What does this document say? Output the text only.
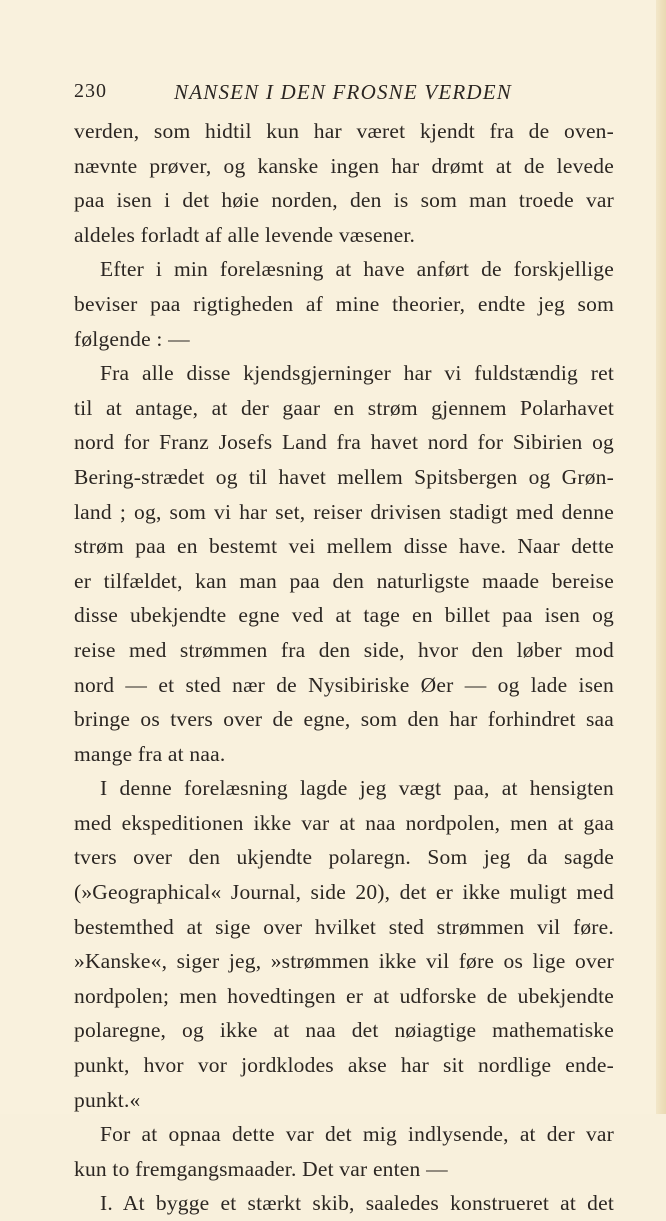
230	NANSEN I DEN FROSNE VERDEN
verden, som hidtil kun har været kjendt fra de oven-
nævnte prøver, og kanske ingen har drømt at de levede
paa isen i det høie norden, den is som man troede var
aldeles forladt af alle levende væsener.
Efter i min forelæsning at have anført de forskjellige
beviser paa rigtigheden af mine theorier, endte jeg som
følgende : —
Fra alle disse kjendsgjerninger har vi fuldstændig ret
til at antage, at der gaar en strøm gjennem Polarhavet
nord for Franz Josefs Land fra havet nord for Sibirien og
Bering-strædet og til havet mellem Spitsbergen og Grøn-
land ; og, som vi har set, reiser drivisen stadigt med denne
strøm paa en bestemt vei mellem disse have. Naar dette
er tilfældet, kan man paa den naturligste maade bereise
disse ubekjendte egne ved at tage en billet paa isen og
reise med strømmen fra den side, hvor den løber mod
nord — et sted nær de Nysibiriske Øer — og lade isen
bringe os tvers over de egne, som den har forhindret saa
mange fra at naa.
I denne forelæsning lagde jeg vægt paa, at hensigten
med ekspeditionen ikke var at naa nordpolen, men at gaa
tvers over den ukjendte polaregn. Som jeg da sagde
(»Geographical« Journal, side 20), det er ikke muligt med
bestemthed at sige over hvilket sted strømmen vil føre.
»Kanske«, siger jeg, »strømmen ikke vil føre os lige over
nordpolen; men hovedtingen er at udforske de ubekjendte
polaregne, og ikke at naa det nøiagtige mathematiske
punkt, hvor vor jordklodes akse har sit nordlige ende-
punkt.«
For at opnaa dette var det mig indlysende, at der var
kun to fremgangsmaader. Det var enten —
I. At bygge et stærkt skib, saaledes konstrueret at det
